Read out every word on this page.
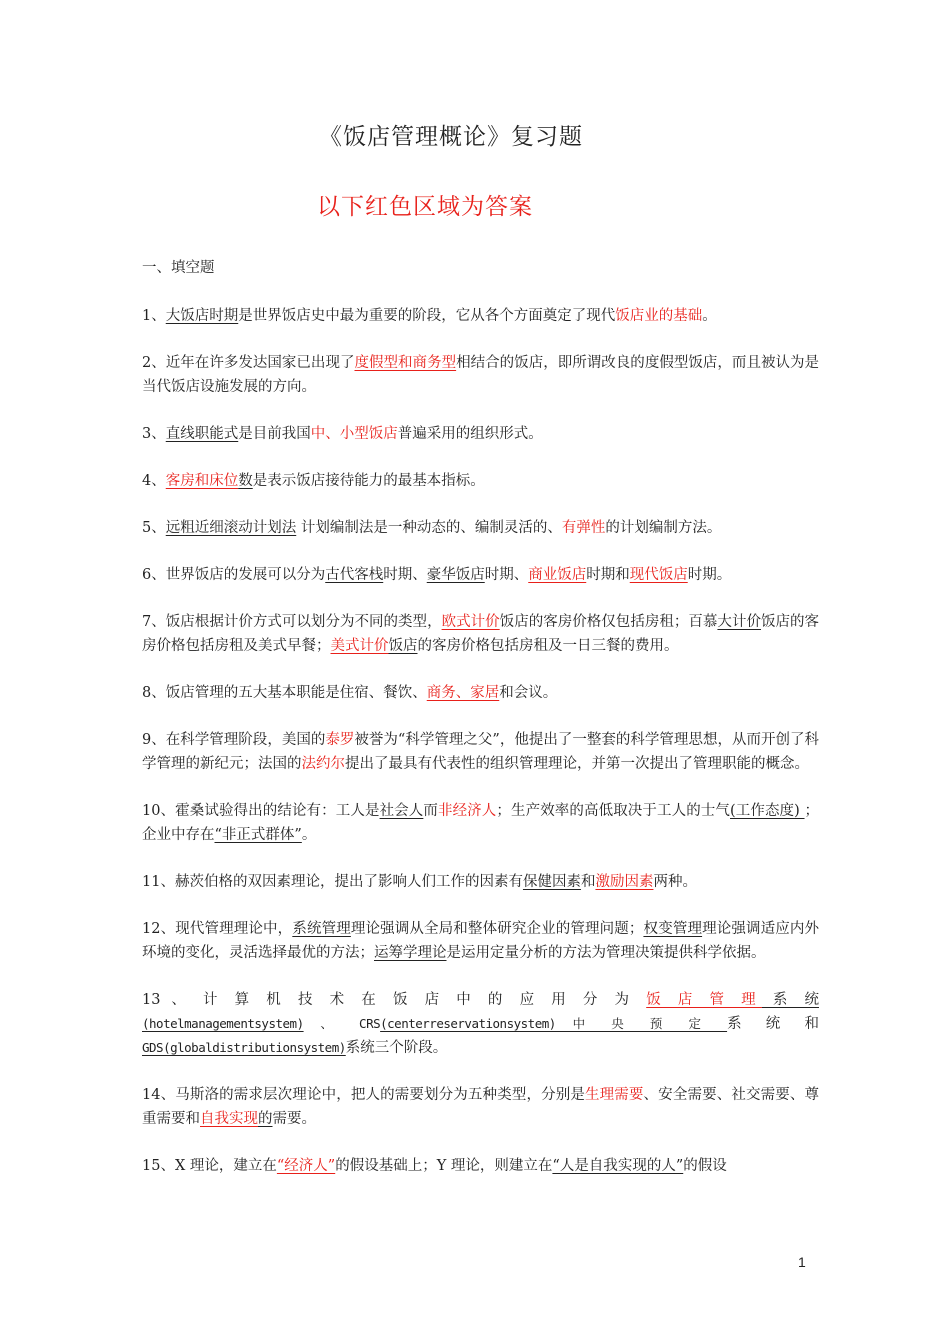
《饭店管理概论》复习题
以下红色区域为答案

一、填空题

1、大饭店时期是世界饭店史中最为重要的阶段，它从各个方面奠定了现代饭店业的基础。

2、近年在许多发达国家已出现了度假型和商务型相结合的饭店，即所谓改良的度假型饭店，而且被认为是当代饭店设施发展的方向。

3、直线职能式是目前我国中、小型饭店普遍采用的组织形式。

4、客房和床位数是表示饭店接待能力的最基本指标。

5、远粗近细滚动计划法 计划编制法是一种动态的、编制灵活的、有弹性的计划编制方法。

6、世界饭店的发展可以分为古代客栈时期、豪华饭店时期、商业饭店时期和现代饭店时期。

7、饭店根据计价方式可以划分为不同的类型，欧式计价饭店的客房价格仅包括房租；百慕大计价饭店的客房价格包括房租及美式早餐；美式计价饭店的客房价格包括房租及一日三餐的费用。

8、饭店管理的五大基本职能是住宿、餐饮、商务、家居和会议。

9、在科学管理阶段，美国的泰罗被誉为“科学管理之父”，他提出了一整套的科学管理思想，从而开创了科学管理的新纪元；法国的法约尔提出了最具有代表性的组织管理理论，并第一次提出了管理职能的概念。

10、霍桑试验得出的结论有：工人是社会人而非经济人；生产效率的高低取决于工人的士气(工作态度) ；企业中存在“非正式群体”。

11、赫茨伯格的双因素理论，提出了影响人们工作的因素有保健因素和激励因素两种。

12、现代管理理论中，系统管理理论强调从全局和整体研究企业的管理问题；权变管理理论强调适应内外环境的变化，灵活选择最优的方法；运筹学理论是运用定量分析的方法为管理决策提供科学依据。

13 、 计 算 机 技 术 在 饭 店 中 的 应 用 分 为 饭 店 管 理 系 统
(hotelmanagementsystem) 、 CRS(centerreservationsystem) 中 央 预 定 系 统 和
GDS(globaldistributionsystem)系统三个阶段。

14、马斯洛的需求层次理论中，把人的需要划分为五种类型，分别是生理需要、安全需要、社交需要、尊重需要和自我实现的需要。

15、X 理论，建立在“经济人”的假设基础上；Y 理论，则建立在“人是自我实现的人”的假设

1
